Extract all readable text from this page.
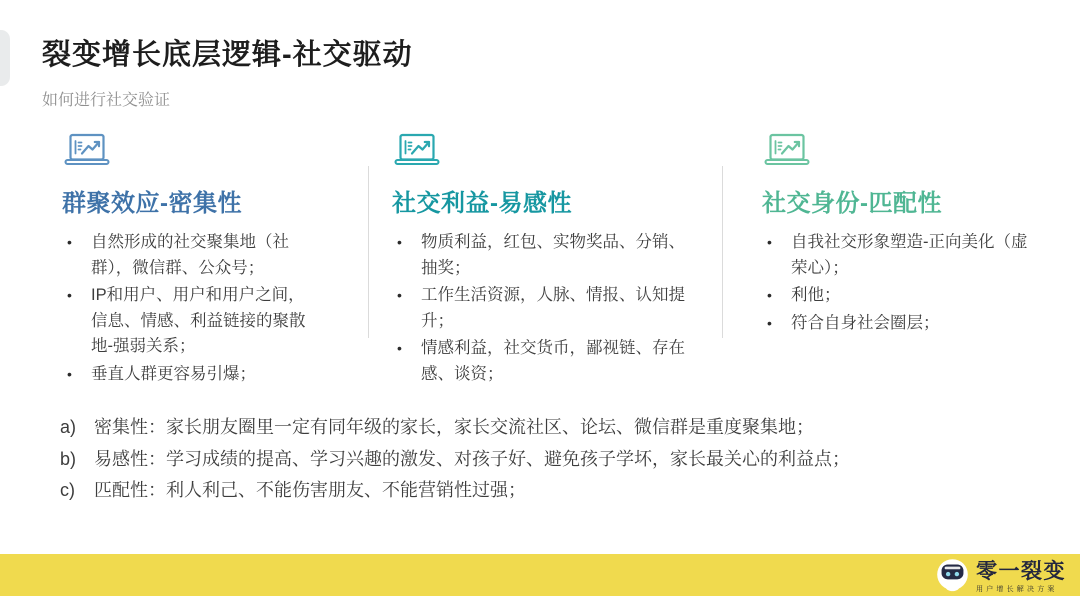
裂变增长底层逻辑-社交驱动

如何进行社交验证

群聚效应-密集性
• 自然形成的社交聚集地（社群），微信群、公众号；
• IP和用户、用户和用户之间，信息、情感、利益链接的聚散地-强弱关系；
• 垂直人群更容易引爆；
社交利益-易感性
• 物质利益，红包、实物奖品、分销、抽奖；
• 工作生活资源，人脉、情报、认知提升；
• 情感利益，社交货币，鄙视链、存在感、谈资；
社交身份-匹配性
• 自我社交形象塑造-正向美化（虚荣心）；
• 利他；
• 符合自身社会圈层；
a) 密集性：家长朋友圈里一定有同年级的家长，家长交流社区、论坛、微信群是重度聚集地；
b) 易感性：学习成绩的提高、学习兴趣的激发、对孩子好、避免孩子学坏，家长最关心的利益点；
c)	匹配性：利人利己、不能伤害朋友、不能营销性过强；
零一裂变
用户增长解决方案
